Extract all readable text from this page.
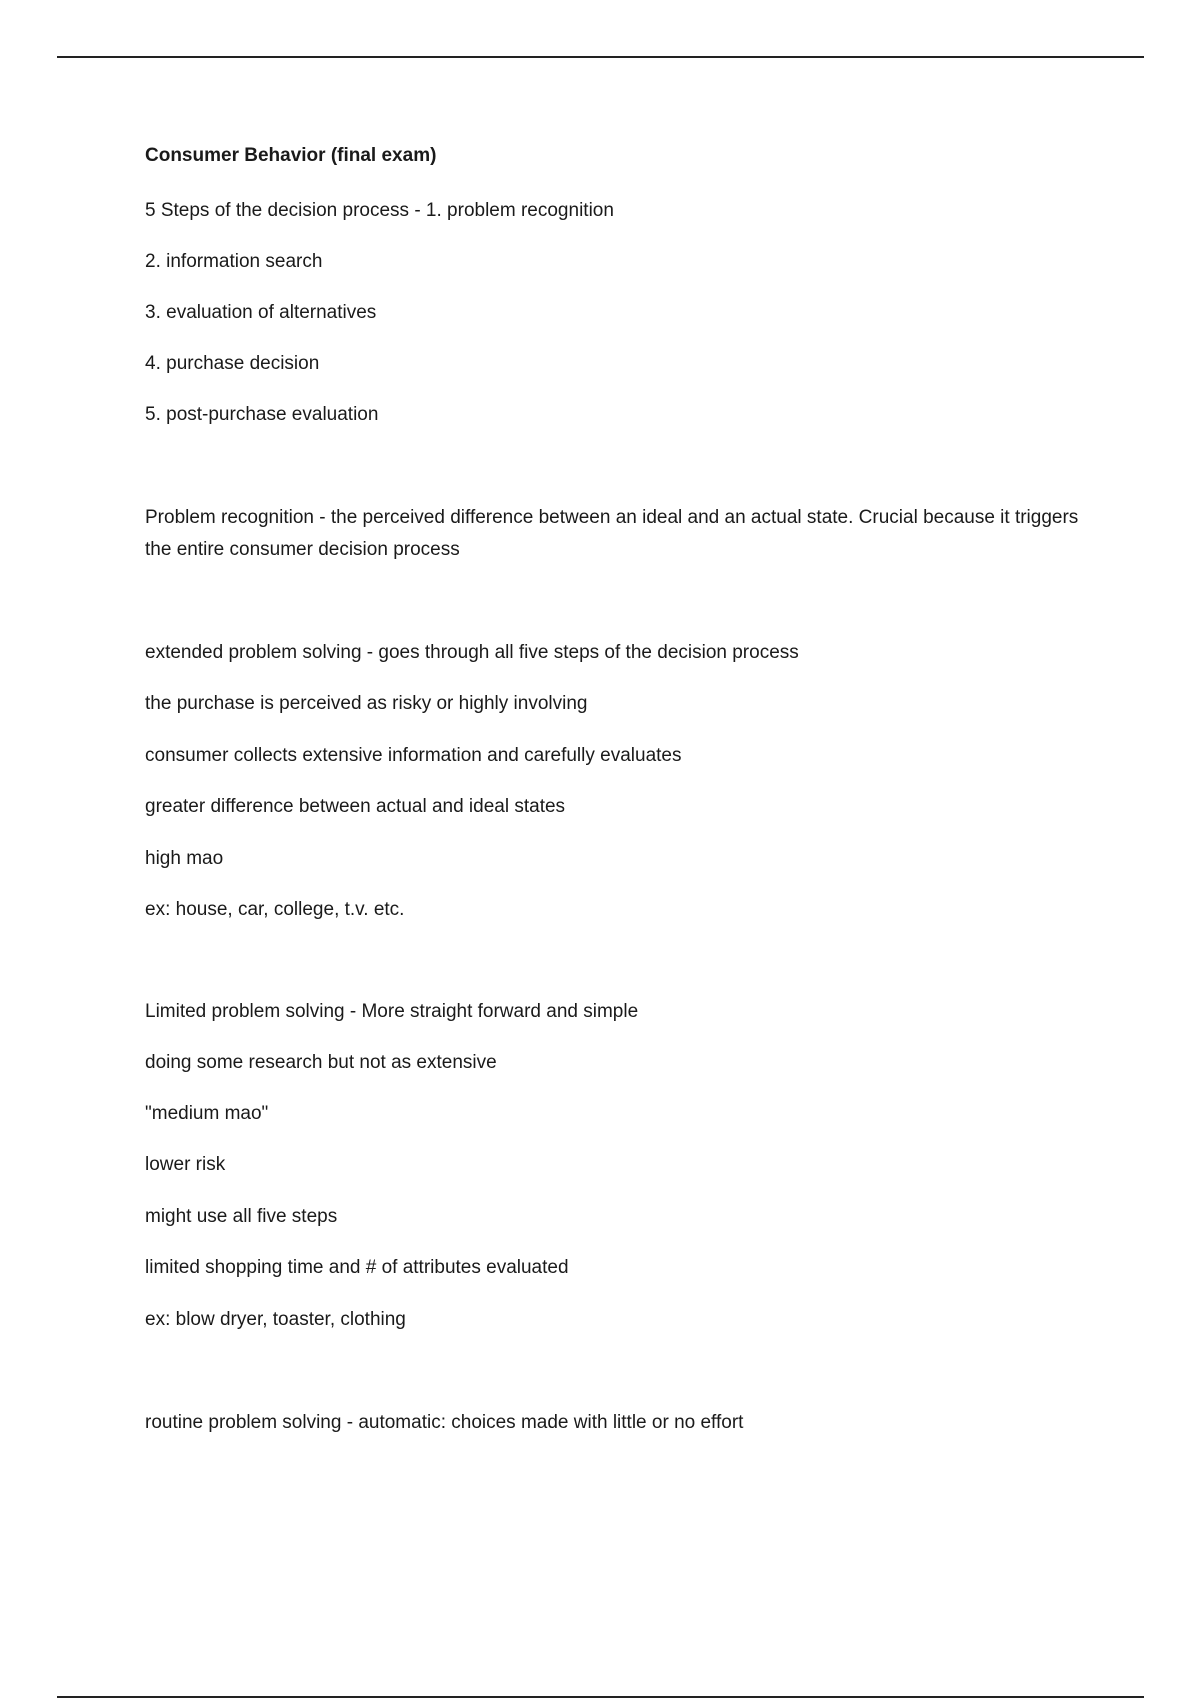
Consumer Behavior (final exam)
5 Steps of the decision process - 1. problem recognition
2. information search
3. evaluation of alternatives
4. purchase decision
5. post-purchase evaluation
Problem recognition - the perceived difference between an ideal and an actual state. Crucial because it triggers the entire consumer decision process
extended problem solving - goes through all five steps of the decision process
the purchase is perceived as risky or highly involving
consumer collects extensive information and carefully evaluates
greater difference between actual and ideal states
high mao
ex: house, car, college, t.v. etc.
Limited problem solving - More straight forward and simple
doing some research but not as extensive
"medium mao"
lower risk
might use all five steps
limited shopping time and # of attributes evaluated
ex: blow dryer, toaster, clothing
routine problem solving - automatic: choices made with little or no effort
